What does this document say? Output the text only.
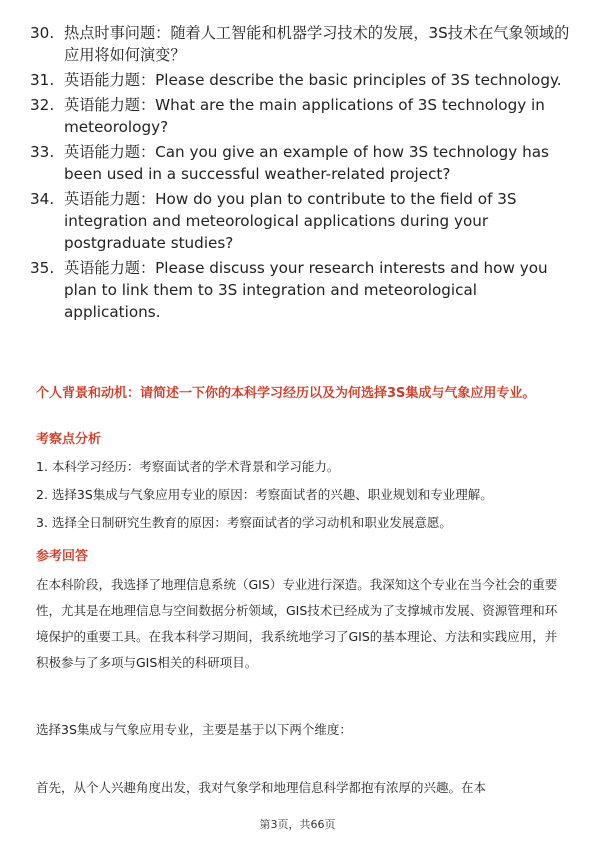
30. 热点时事问题：随着人工智能和机器学习技术的发展，3S技术在气象领域的应用将如何演变？
31. 英语能力题：Please describe the basic principles of 3S technology.
32. 英语能力题：What are the main applications of 3S technology in meteorology?
33. 英语能力题：Can you give an example of how 3S technology has been used in a successful weather-related project?
34. 英语能力题：How do you plan to contribute to the field of 3S integration and meteorological applications during your postgraduate studies?
35. 英语能力题：Please discuss your research interests and how you plan to link them to 3S integration and meteorological applications.
个人背景和动机：请简述一下你的本科学习经历以及为何选择3S集成与气象应用专业。
考察点分析
1. 本科学习经历：考察面试者的学术背景和学习能力。
2. 选择3S集成与气象应用专业的原因：考察面试者的兴趣、职业规划和专业理解。
3. 选择全日制研究生教育的原因：考察面试者的学习动机和职业发展意愿。
参考回答
在本科阶段，我选择了地理信息系统（GIS）专业进行深造。我深知这个专业在当今社会的重要性，尤其是在地理信息与空间数据分析领域，GIS技术已经成为了支撑城市发展、资源管理和环境保护的重要工具。在我本科学习期间，我系统地学习了GIS的基本理论、方法和实践应用，并积极参与了多项与GIS相关的科研项目。
选择3S集成与气象应用专业，主要是基于以下两个维度：
首先，从个人兴趣角度出发，我对气象学和地理信息科学都抱有浓厚的兴趣。在本
第3页，共66页
